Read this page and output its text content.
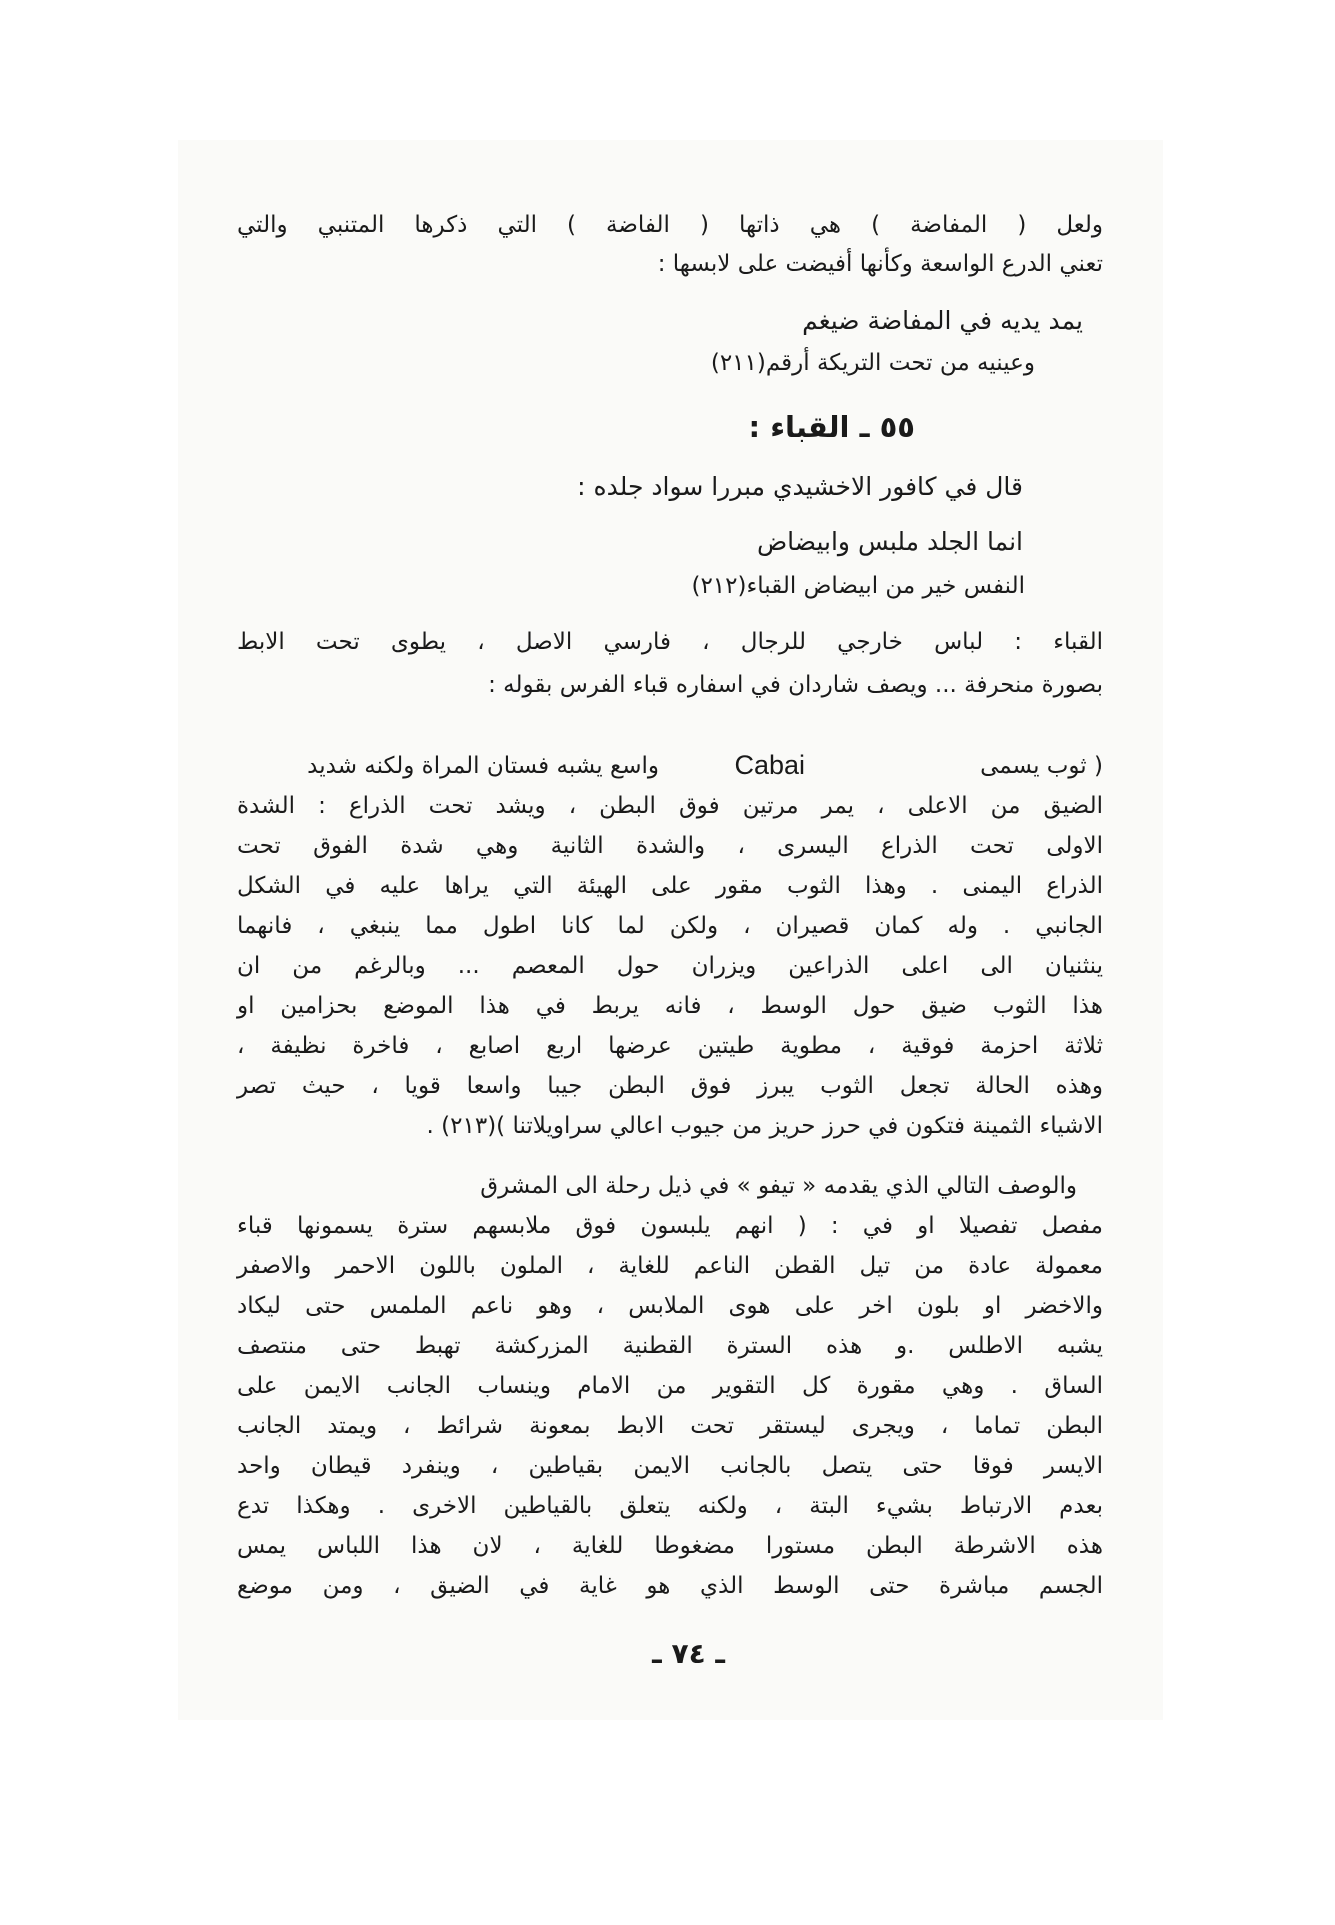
ولعل ( المفاضة ) هي ذاتها ( الفاضة ) التي ذكرها المتنبي والتي
تعني الدرع الواسعة وكأنها أفيضت على لابسها :
يمد يديه في المفاضة ضيغم
وعينيه من تحت التريكة أرقم(٢١١)
٥٥ ـ القباء :
قال في كافور الاخشيدي مبررا سواد جلده :
انما الجلد ملبس وابيضاض
النفس خير من ابيضاض القباء(٢١٢)
القباء : لباس خارجي للرجال ، فارسي الاصل ، يطوى تحت الابط
بصورة منحرفة ... ويصف شاردان في اسفاره قباء الفرس بقوله :
( ثوب يسمى
Cabai
واسع يشبه فستان المراة ولكنه شديد
الضيق من الاعلى ، يمر مرتين فوق البطن ، ويشد تحت الذراع : الشدة
الاولى تحت الذراع اليسرى ، والشدة الثانية وهي شدة الفوق تحت
الذراع اليمنى . وهذا الثوب مقور على الهيئة التي يراها عليه في الشكل
الجانبي . وله كمان قصيران ، ولكن لما كانا اطول مما ينبغي ، فانهما
ينثنيان الى اعلى الذراعين ويزران حول المعصم ... وبالرغم من ان
هذا الثوب ضيق حول الوسط ، فانه يربط في هذا الموضع بحزامين او
ثلاثة احزمة فوقية ، مطوية طيتين عرضها اربع اصابع ، فاخرة نظيفة ،
وهذه الحالة تجعل الثوب يبرز فوق البطن جيبا واسعا قويا ، حيث تصر
الاشياء الثمينة فتكون في حرز حريز من جيوب اعالي سراويلاتنا )(٢١٣) .
والوصف التالي الذي يقدمه « تيفو » في ذيل رحلة الى المشرق
مفصل تفصيلا او في : ( انهم يلبسون فوق ملابسهم سترة يسمونها قباء
معمولة عادة من تيل القطن الناعم للغاية ، الملون باللون الاحمر والاصفر
والاخضر او بلون اخر على هوى الملابس ، وهو ناعم الملمس حتى ليكاد
يشبه الاطلس .و هذه السترة القطنية المزركشة تهبط حتى منتصف
الساق . وهي مقورة كل التقوير من الامام وينساب الجانب الايمن على
البطن تماما ، ويجرى ليستقر تحت الابط بمعونة شرائط ، ويمتد الجانب
الايسر فوقا حتى يتصل بالجانب الايمن بقياطين ، وينفرد قيطان واحد
بعدم الارتباط بشيء البتة ، ولكنه يتعلق بالقياطين الاخرى . وهكذا تدع
هذه الاشرطة البطن مستورا مضغوطا للغاية ، لان هذا اللباس يمس
الجسم مباشرة حتى الوسط الذي هو غاية في الضيق ، ومن موضع
ـ ٧٤ ـ
